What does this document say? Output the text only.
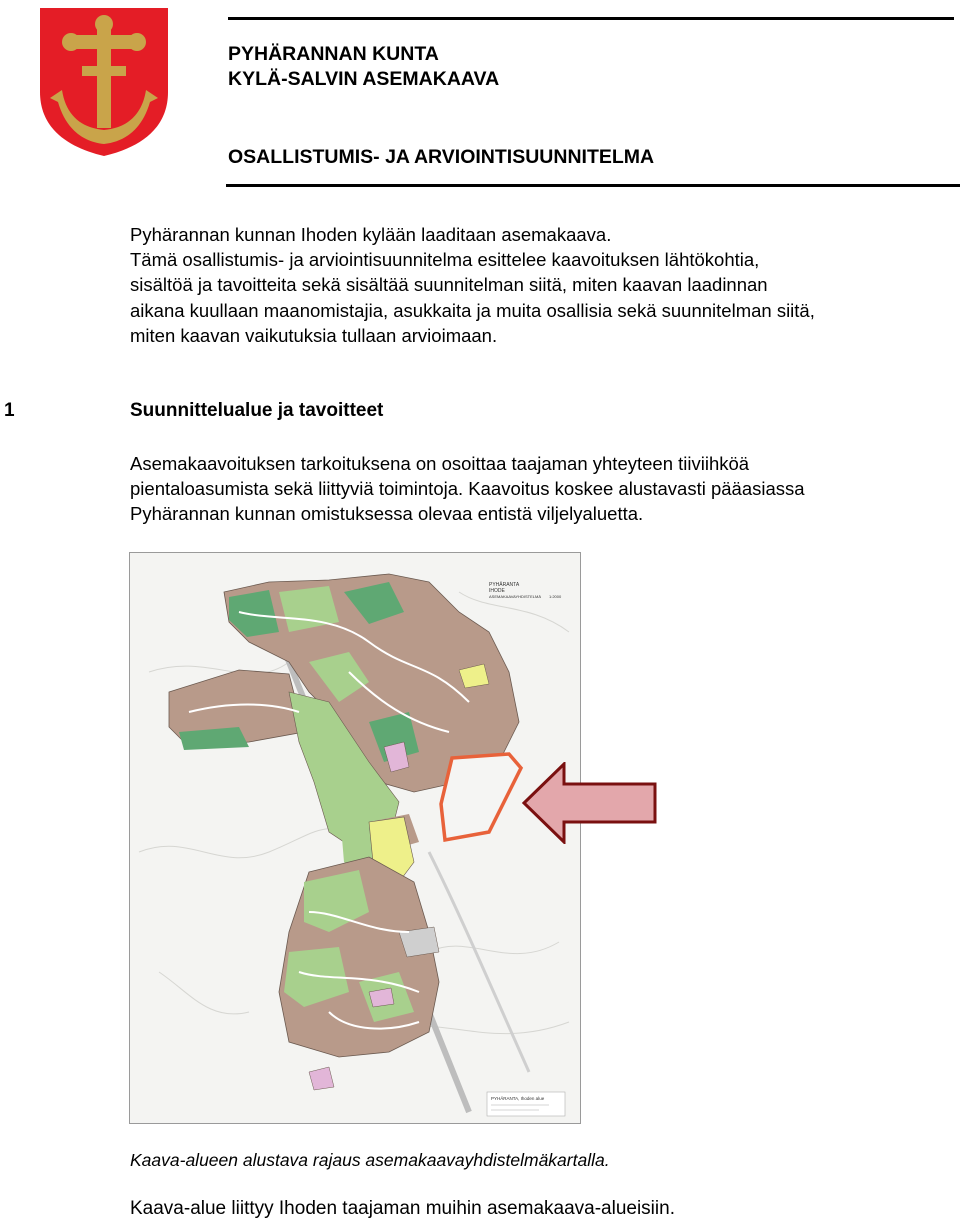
PYHÄRANNAN KUNTA
KYLÄ-SALVIN ASEMAKAAVA
OSALLISTUMIS- JA ARVIOINTISUUNNITELMA
Pyhärannan kunnan Ihoden kylään laaditaan asemakaava.
Tämä osallistumis- ja arviointisuunnitelma esittelee kaavoituksen lähtökohtia,
sisältöä ja tavoitteita sekä sisältää suunnitelman siitä, miten kaavan laadinnan
aikana kuullaan maanomistajia, asukkaita ja muita osallisia sekä suunnitelman siitä,
miten kaavan vaikutuksia tullaan arvioimaan.
1	Suunnittelualue ja tavoitteet
Asemakaavoituksen tarkoituksena on osoittaa taajaman yhteyteen tiiviihköä
pientaloasumista sekä liittyviä toimintoja. Kaavoitus koskee alustavasti pääasiassa
Pyhärannan kunnan omistuksessa olevaa entistä viljelyaluetta.
PYHÄRANTA
IHODE
ASEMAKAAVAYHDISTELMÄ 1:2000
PYHÄRANTA, Ihoden alue
Kaava-alueen alustava rajaus asemakaavayhdistelmäkartalla.
Kaava-alue liittyy Ihoden taajaman muihin asemakaava-alueisiin.
